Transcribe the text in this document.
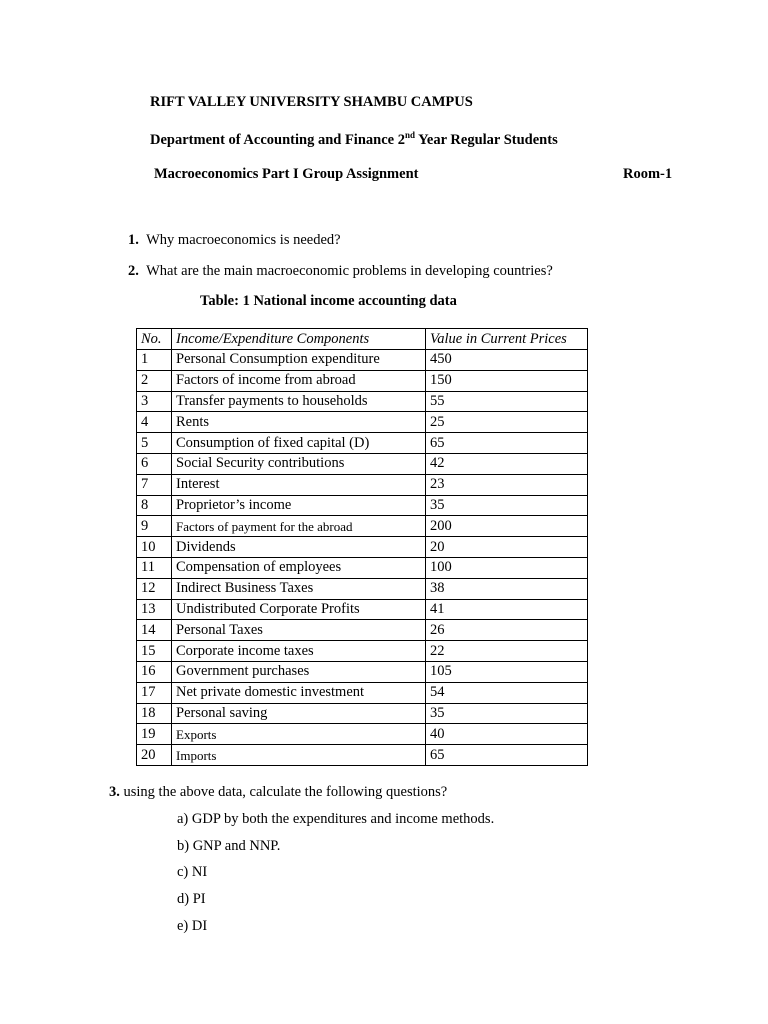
RIFT VALLEY UNIVERSITY SHAMBU CAMPUS
Department of Accounting and Finance 2nd Year Regular Students
Macroeconomics Part I Group Assignment	Room-1
1. Why macroeconomics is needed?
2. What are the main macroeconomic problems in developing countries?
Table: 1 National income accounting data
No.	Income/Expenditure Components	Value in Current Prices
1	Personal Consumption expenditure	450
2	Factors of income from abroad	150
3	Transfer payments to households	55
4	Rents	25
5	Consumption of fixed capital (D)	65
6	Social Security contributions	42
7	Interest	23
8	Proprietor’s income	35
9	Factors of payment for the abroad	200
10	Dividends	20
11	Compensation of employees	100
12	Indirect Business Taxes	38
13	Undistributed Corporate Profits	41
14	Personal Taxes	26
15	Corporate income taxes	22
16	Government purchases	105
17	Net private domestic investment	54
18	Personal saving	35
19	Exports	40
20	Imports	65
3. using the above data, calculate the following questions?
a) GDP by both the expenditures and income methods.
b) GNP and NNP.
c) NI
d) PI
e) DI
